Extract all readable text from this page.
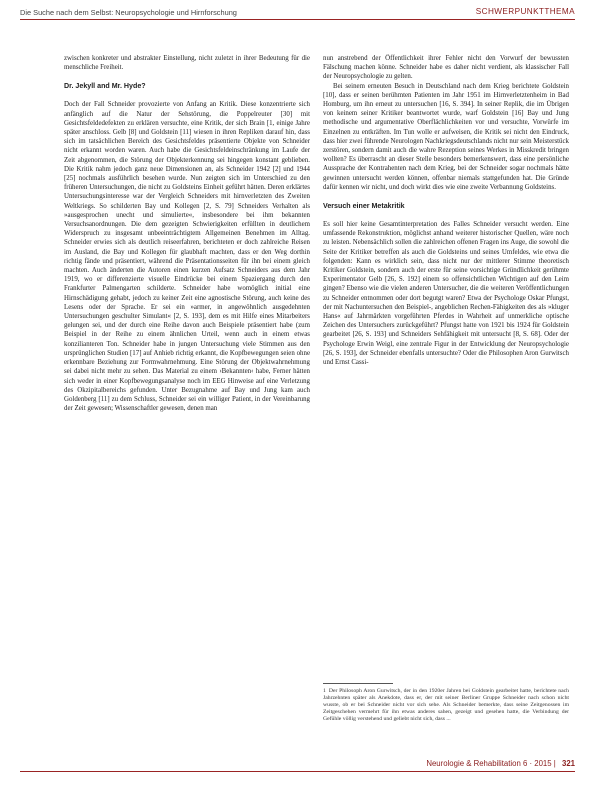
Die Suche nach dem Selbst: Neuropsychologie und Hirnforschung	SCHWERPUNKTTHEMA

zwischen konkreter und abstrakter Einstellung, nicht zuletzt in ihrer Bedeutung für die menschliche Freiheit.

Dr. Jekyll and Mr. Hyde?

Doch der Fall Schneider provozierte von Anfang an Kritik. Diese konzentrierte sich anfänglich auf die Natur der Sehstörung, die Poppelreuter [30] mit Gesichtsfeldedefekten zu erklären versuchte, eine Kritik, der sich Brain [1, einige Jahre später anschloss. Gelb [8] und Goldstein [11] wiesen in ihren Repliken darauf hin, dass sich im tatsächlichen Bereich des Gesichtsfeldes präsentierte Objekte von Schneider nicht erkannt worden waren. Auch habe die Gesichtsfeldeinschränkung im Laufe der Zeit abgenommen, die Störung der Objekterkennung sei hingegen konstant geblieben. Die Kritik nahm jedoch ganz neue Dimensionen an, als Schneider 1942 [2] und 1944 [25] nochmals ausführlich besehen wurde. Nun zeigten sich im Unterschied zu den früheren Untersuchungen, die nicht zu Goldsteins Einheit geführt hätten. Deren erklärtes Untersuchungsinteresse war der Vergleich Schneiders mit hirnverletzten des Zweiten Weltkriegs. So schilderten Bay und Kollegen [2, S. 79] Schneiders Verhalten als »ausgesprochen unecht und simulierte«, insbesondere bei ihm bekannten Versuchsanordnungen. Die dem gezeigten Schwierigkeiten erfüllten in deutlichem Widerspruch zu insgesamt unbeeinträchtigtem Allgemeinen Benehmen im Alltag. Schneider erwies sich als deutlich reiseerfahren, berichteten er doch zahlreiche Reisen im Ausland, die Bay und Kollegen für glaubhaft machten, dass er den Weg dorthin richtig fände und präsentiert, während die Präsentationsseiten für ihn bei einem gleich machten. Auch änderten die Autoren einen kurzen Aufsatz Schneiders aus dem Jahr 1919, wo er differenzierte visuelle Eindrücke bei einem Spaziergang durch den Frankfurter Palmengarten schilderte. Schneider habe womöglich initial eine Hirnschädigung gehabt, jedoch zu keiner Zeit eine agnostische Störung, auch keine des Lesens oder der Sprache. Er sei ein »armer, in angewöhnlich ausgedehnten Untersuchungen geschulter Simulant« [2, S. 193], dem es mit Hilfe eines Mitarbeiters gelungen sei, und der durch eine Reihe davon auch Beispiele präsentiert habe (zum Beispiel in der Reihe zu einem ähnlichen Urteil, wenn auch in einem etwas konzilianteren Ton. Schneider habe in jungen Untersuchung viele Stimmen aus den ursprünglichen Studien [17] auf Anhieb richtig erkannt, die Kopfbewegungen seien ohne erkennbare Beziehung zur Formwahrnehmung. Eine Störung der Objektwahrnehmung sei dabei nicht mehr zu sehen. Das Material zu einem ›Bekannten‹ habe, Ferner hätten sich weder in einer Kopfbewegungsanalyse noch im EEG Hinweise auf eine Verletzung des Okzipitalbereichs gefunden. Unter Bezugnahme auf Bay und Jung kam auch Goldenberg [11] zu dem Schluss, Schneider sei ein williger Patient, in der Vereinbarung der Zeit gewesen; Wissenschaftler gewesen, denen man

nun anstrebend der Öffentlichkeit ihrer Fehler nicht den Vorwurf der bewussten Fälschung machen könne. Schneider habe es daher nicht verdient, als klassischer Fall der Neuropsychologie zu gelten.

Bei seinem erneuten Besuch in Deutschland nach dem Krieg berichtete Goldstein [10], dass er seinen berühmten Patienten im Jahr 1951 im Hirnverletztenheim in Bad Homburg, um ihn erneut zu untersuchen [16, S. 394]. In seiner Replik, die im Übrigen von keinem seiner Kritiker beantwortet wurde, warf Goldstein [16] Bay und Jung methodische und argumentative Oberflächlichkeiten vor und versuchte, Vorwürfe im Einzelnen zu entkräften. Im Tun wolle er aufweisen, die Kritik sei nicht den Eindruck, dass hier zwei führende Neurologen Nachkriegsdeutschlands nicht nur sein Meisterstück zerstören, sondern damit auch die wahre Rezeption seines Werkes in Misskredit bringen wollten? Es überrascht an dieser Stelle besonders bemerkenswert, dass eine persönliche Aussprache der Kontrahenten nach dem Krieg, bei der Schneider sogar nochmals hätte gewinnen untersucht werden können, offenbar niemals stattgefunden hat. Die Gründe dafür kennen wir nicht, und doch wirkt dies wie eine zweite Verbannung Goldsteins.

Versuch einer Metakritik

Es soll hier keine Gesamtinterpretation des Falles Schneider versucht werden. Eine umfassende Rekonstruktion, möglichst anhand weiterer historischer Quellen, wäre noch zu leisten. Nebensächlich sollen die zahlreichen offenen Fragen ins Auge, die sowohl die Seite der Kritiker betreffen als auch die Goldsteins und seines Umfeldes, wie etwa die folgenden: Kann es wirklich sein, dass nicht nur der mittlerer Stimme theoretisch Kritiker Goldstein, sondern auch der erste für seine vorsichtige Gründlichkeit gerühmte Experimentator Gelb [26, S. 192] einem so offensichtlichen Wichtigen auf den Leim gingen? Ebenso wie die vielen anderen Untersucher, die die weiteren Veröffentlichungen zu Schneider entnommen oder dort begutgt waren? Etwa der Psychologe Oskar Pfungst, der mit Nachuntersuchen den Beispiel-, angeblichen Rechen-Fähigkeiten des als »kluger Hans« auf Jahrmärkten vorgeführten Pferdes in Wahrheit auf unmerkliche optische Zeichen des Untersuchers zurückgeführt? Pfungst hatte von 1921 bis 1924 für Goldstein gearbeitet [26, S. 193] und Schneiders Sehfähigkeit mit untersucht [8, S. 68]. Oder der Psychologe Erwin Weigl, eine zentrale Figur in der Entwicklung der Neuropsychologie [26, S. 193], der Schneider ebenfalls untersuchte? Oder die Philosophen Aron Gurwitsch und Ernst Cassi-

1 Der Philosoph Aron Gurwitsch, der in den 1920er Jahren bei Goldstein gearbeitet hatte, berichtete nach Jahrzehnten später als Anekdote, dass er, der mit seiner Berliner Gruppe Schneider nach schon nicht wusste, ob er bei Schneider nicht vor sich sehe. Als Schneider bemerkte, dass seine Zeitgenossen im Zeitgeschehen vermehrt für ihn etwas anderes sahen, gezeigt und gesehen hatte, die Verbindung der Gefühle völlig verstehend und geliebt nicht sich, dass ...
Neurologie & Rehabilitation 6 · 2015 | 321
